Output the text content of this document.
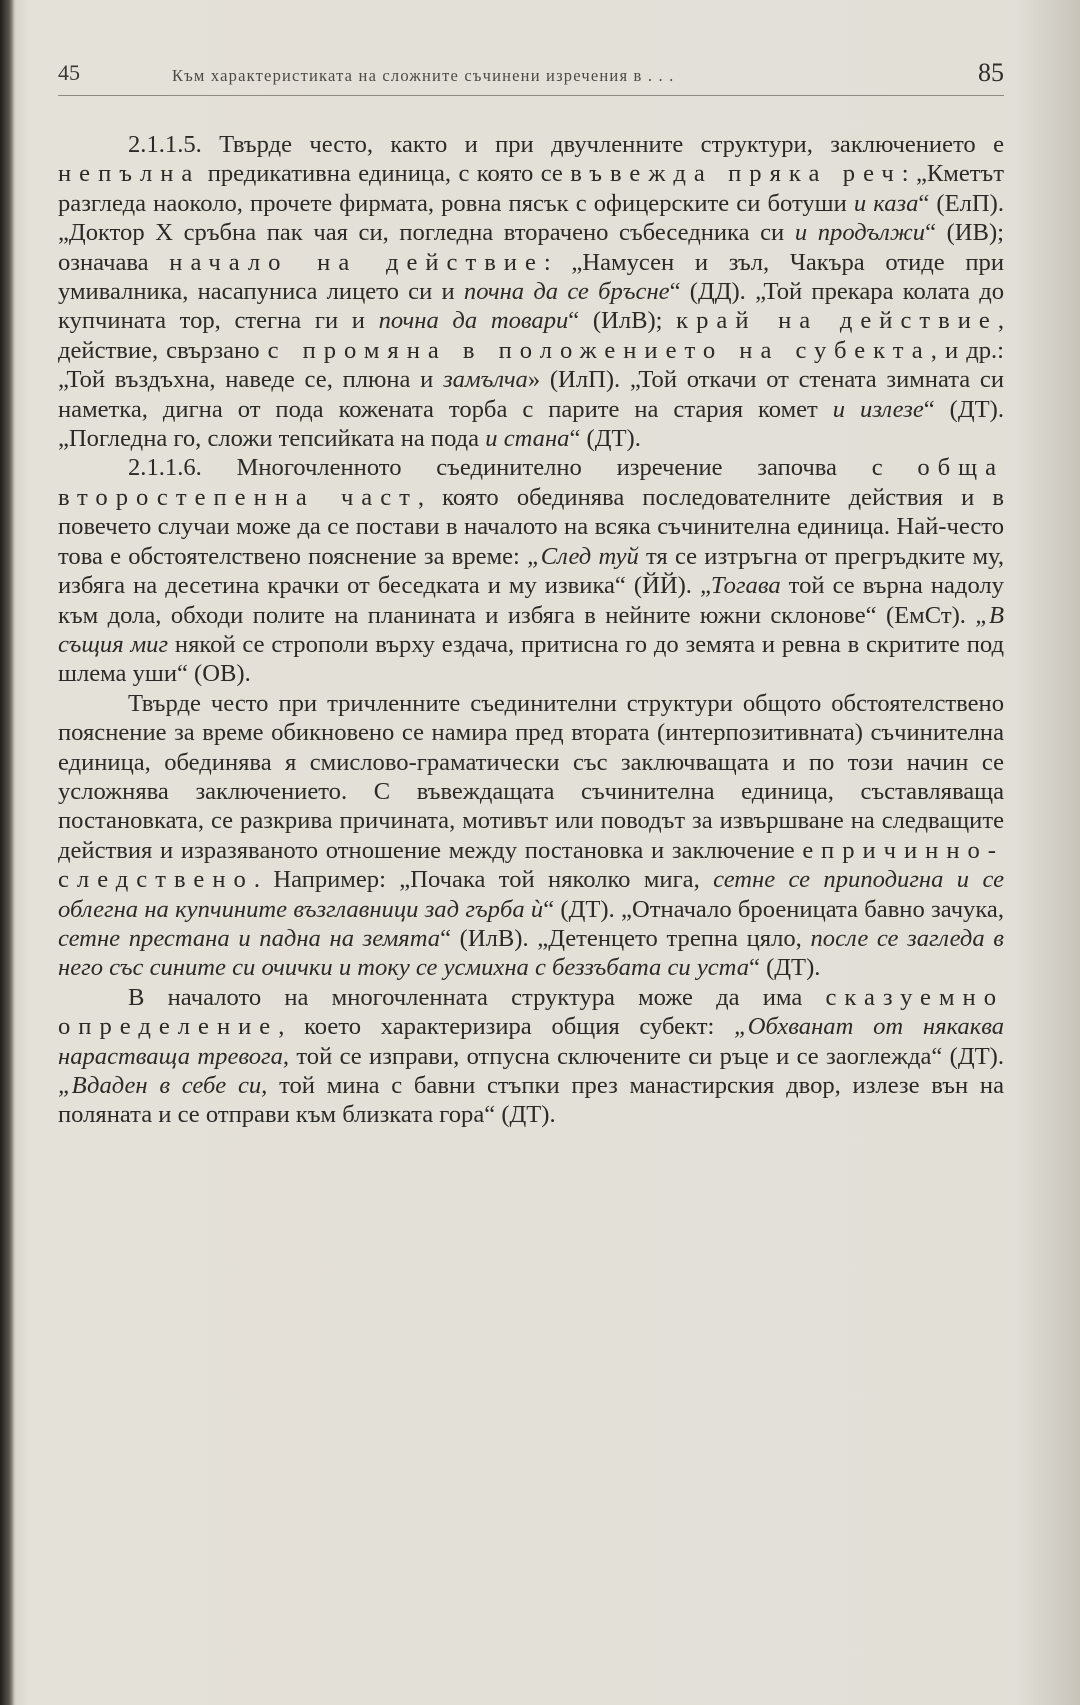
45	Към характеристиката на сложните съчинени изречения в . . .	85

2.1.1.5. Твърде често, както и при двучленните структури, заключението е непълна предикативна единица, с която се въвежда пряка реч: „Кметът разгледа наоколо, прочете фирмата, ровна пясък с офицерските си ботуши и каза“ (ЕлП). „Доктор X сръбна пак чая си, погледна вторачено събеседника си и продължи“ (ИВ); означава начало на действие: „Намусен и зъл, Чакъра отиде при умивалника, насапуниса лицето си и почна да се бръсне“ (ДД). „Той прекара колата до купчината тор, стегна ги и почна да товари“ (ИлВ); край на действие, действие, свързано с промяна в положението на субекта, и др.: „Той въздъхна, наведе се, плюна и замълча» (ИлП). „Той откачи от стената зимната си наметка, дигна от пода кожената торба с парите на стария комет и излезе“ (ДТ). „Погледна го, сложи тепсийката на пода и стана“ (ДТ).

2.1.1.6. Многочленното съединително изречение започва с обща второстепенна част, която обединява последователните действия и в повечето случаи може да се постави в началото на всяка съчинителна единица. Най-често това е обстоятелствено пояснение за време: „След туй тя се изтръгна от прегръдките му, избяга на десетина крачки от беседката и му извика“ (ЙЙ). „Тогава той се върна надолу към дола, обходи полите на планината и избяга в нейните южни склонове“ (ЕмСт). „В същия миг някой се строполи върху ездача, притисна го до земята и ревна в скритите под шлема уши“ (ОВ).

Твърде често при тричленните съединителни структури общото обстоятелствено пояснение за време обикновено се намира пред втората (интерпозитивната) съчинителна единица, обединява я смислово-граматически със заключващата и по този начин се усложнява заключението. С въвеждащата съчинителна единица, съставляваща постановката, се разкрива причината, мотивът или поводът за извършване на следващите действия и изразяваното отношение между постановка и заключение е причинно-следствено. Например: „Почака той няколко мига, сетне се приподигна и се облегна на купчините възглавници зад гърба ѝ“ (ДТ). „Отначало броеницата бавно зачука, сетне престана и падна на земята“ (ИлВ). „Детенцето трепна цяло, после се загледа в него със сините си очички и току се усмихна с беззъбата си уста“ (ДТ).

В началото на многочленната структура може да има сказуемно определение, което характеризира общия субект: „Обхванат от някаква нарастваща тревога, той се изправи, отпусна сключените си ръце и се заоглежда“ (ДТ). „Вдаден в себе си, той мина с бавни стъпки през манастирския двор, излезе вън на поляната и се отправи към близката гора“ (ДТ).
